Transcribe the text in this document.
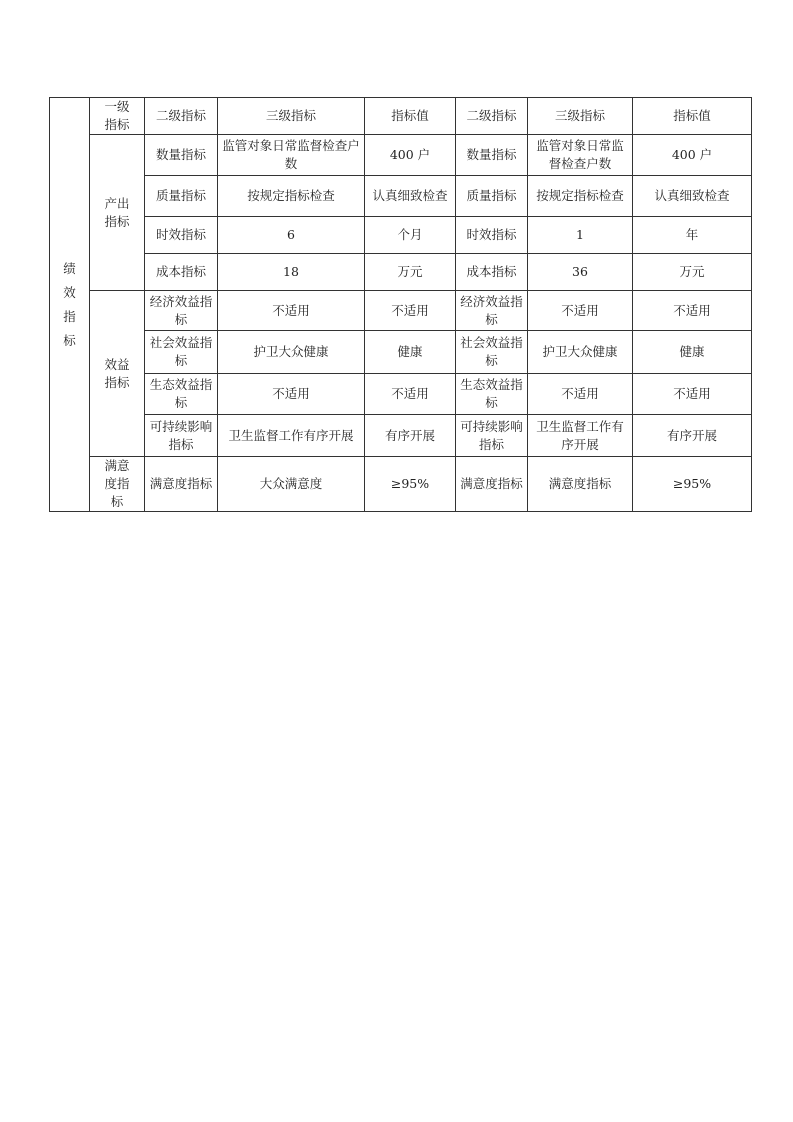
绩效指标	一级指标	二级指标	三级指标	指标值	二级指标	三级指标	指标值

	产出指标	数量指标	监管对象日常监督检查户数	400 户	数量指标	监管对象日常监督检查户数	400 户
		质量指标	按规定指标检查	认真细致检查	质量指标	按规定指标检查	认真细致检查
		时效指标	6	个月	时效指标	1	年
		成本指标	18	万元	成本指标	36	万元

	效益指标	经济效益指标	不适用	不适用	经济效益指标	不适用	不适用
		社会效益指标	护卫大众健康	健康	社会效益指标	护卫大众健康	健康
		生态效益指标	不适用	不适用	生态效益指标	不适用	不适用
		可持续影响指标	卫生监督工作有序开展	有序开展	可持续影响指标	卫生监督工作有序开展	有序开展

	满意度指标	满意度指标	大众满意度	≥95%	满意度指标	满意度指标	≥95%
